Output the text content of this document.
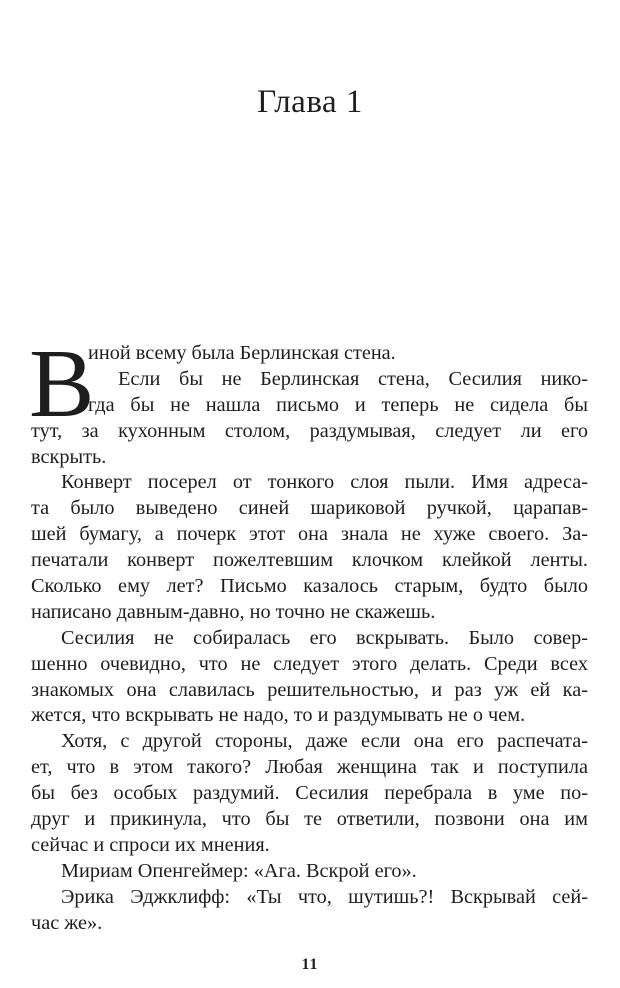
Глава 1
В
иной всему была Берлинская стена.
Если бы не Берлинская стена, Сесилия нико-
гда бы не нашла письмо и теперь не сидела бы
тут, за кухонным столом, раздумывая, следует ли его
вскрыть.
Конверт посерел от тонкого слоя пыли. Имя адреса-
та было выведено синей шариковой ручкой, царапав-
шей бумагу, а почерк этот она знала не хуже своего. За-
печатали конверт пожелтевшим клочком клейкой ленты.
Сколько ему лет? Письмо казалось старым, будто было
написано давным-давно, но точно не скажешь.
Сесилия не собиралась его вскрывать. Было совер-
шенно очевидно, что не следует этого делать. Среди всех
знакомых она славилась решительностью, и раз уж ей ка-
жется, что вскрывать не надо, то и раздумывать не о чем.
Хотя, с другой стороны, даже если она его распечата-
ет, что в этом такого? Любая женщина так и поступила
бы без особых раздумий. Сесилия перебрала в уме по-
друг и прикинула, что бы те ответили, позвони она им
сейчас и спроси их мнения.
Мириам Опенгеймер: «Ага. Вскрой его».
Эрика Эджклифф: «Ты что, шутишь?! Вскрывай сей-
час же».
11
